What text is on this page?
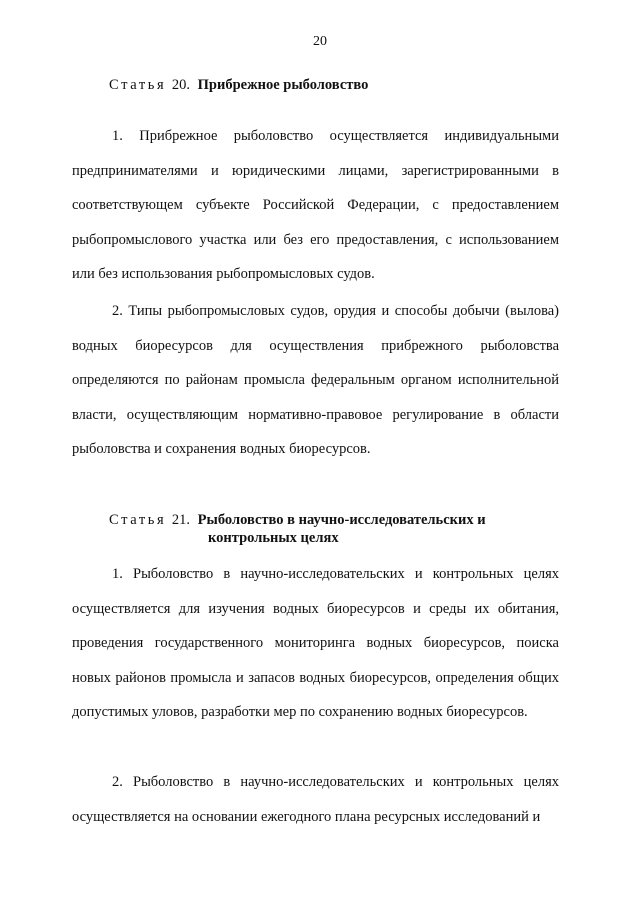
20
Статья 20. Прибрежное рыболовство

1. Прибрежное рыболовство осуществляется индивидуальными предпринимателями и юридическими лицами, зарегистрированными в соответствующем субъекте Российской Федерации, с предоставлением рыбопромыслового участка или без его предоставления, с использованием или без использования рыбопромысловых судов.

2. Типы рыбопромысловых судов, орудия и способы добычи (вылова) водных биоресурсов для осуществления прибрежного рыболовства определяются по районам промысла федеральным органом исполнительной власти, осуществляющим нормативно-правовое регулирование в области рыболовства и сохранения водных биоресурсов.

Статья 21. Рыболовство в научно-исследовательских и
контрольных целях

1. Рыболовство в научно-исследовательских и контрольных целях осуществляется для изучения водных биоресурсов и среды их обитания, проведения государственного мониторинга водных биоресурсов, поиска новых районов промысла и запасов водных биоресурсов, определения общих допустимых уловов, разработки мер по сохранению водных биоресурсов.

2. Рыболовство в научно-исследовательских и контрольных целях осуществляется на основании ежегодного плана ресурсных исследований и
